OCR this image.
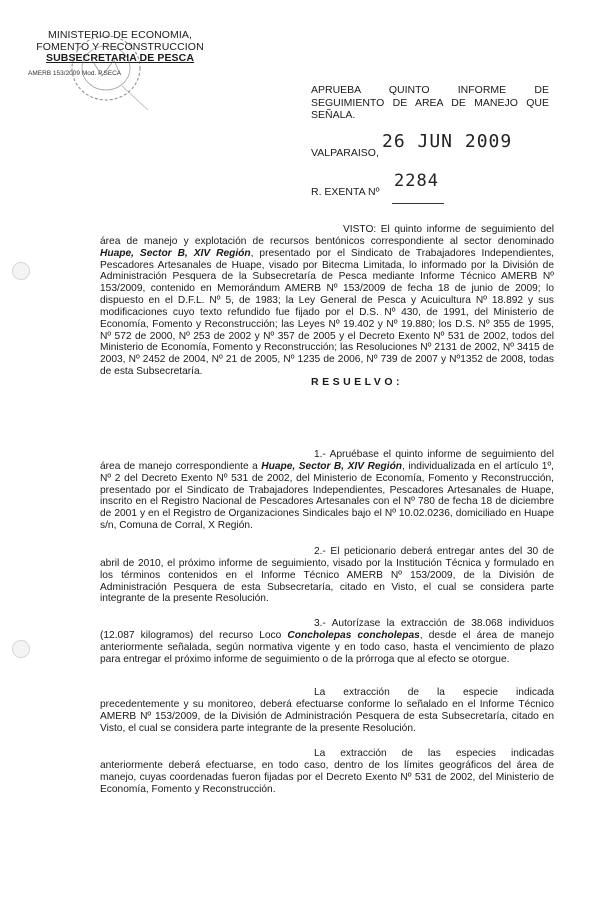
MINISTERIO DE ECONOMIA,
FOMENTO Y RECONSTRUCCION
SUBSECRETARIA DE PESCA
AMERB 153/2009 Mod. P.SECA
APRUEBA QUINTO INFORME DE SEGUIMIENTO DE AREA DE MANEJO QUE SEÑALA.
VALPARAISO,
26 JUN 2009
R. EXENTA Nº
2284
VISTO: El quinto informe de seguimiento del área de manejo y explotación de recursos bentónicos correspondiente al sector denominado Huape, Sector B, XIV Región, presentado por el Sindicato de Trabajadores Independientes, Pescadores Artesanales de Huape, visado por Bitecma Limitada, lo informado por la División de Administración Pesquera de la Subsecretaría de Pesca mediante Informe Técnico AMERB Nº 153/2009, contenido en Memorándum AMERB Nº 153/2009 de fecha 18 de junio de 2009; lo dispuesto en el D.F.L. Nº 5, de 1983; la Ley General de Pesca y Acuicultura Nº 18.892 y sus modificaciones cuyo texto refundido fue fijado por el D.S. Nº 430, de 1991, del Ministerio de Economía, Fomento y Reconstrucción; las Leyes Nº 19.402 y Nº 19.880; los D.S. Nº 355 de 1995, Nº 572 de 2000, Nº 253 de 2002 y Nº 357 de 2005 y el Decreto Exento Nº 531 de 2002, todos del Ministerio de Economía, Fomento y Reconstrucción; las Resoluciones Nº 2131 de 2002, Nº 3415 de 2003, Nº 2452 de 2004, Nº 21 de 2005, Nº 1235 de 2006, Nº 739 de 2007 y Nº1352 de 2008, todas de esta Subsecretaría.
RESUELVO:
1.- Apruébase el quinto informe de seguimiento del área de manejo correspondiente a Huape, Sector B, XIV Región, individualizada en el artículo 1º, Nº 2 del Decreto Exento Nº 531 de 2002, del Ministerio de Economía, Fomento y Reconstrucción, presentado por el Sindicato de Trabajadores Independientes, Pescadores Artesanales de Huape, inscrito en el Registro Nacional de Pescadores Artesanales con el Nº 780 de fecha 18 de diciembre de 2001 y en el Registro de Organizaciones Sindicales bajo el Nº 10.02.0236, domiciliado en Huape s/n, Comuna de Corral, X Región.
2.- El peticionario deberá entregar antes del 30 de abril de 2010, el próximo informe de seguimiento, visado por la Institución Técnica y formulado en los términos contenidos en el Informe Técnico AMERB Nº 153/2009, de la División de Administración Pesquera de esta Subsecretaría, citado en Visto, el cual se considera parte integrante de la presente Resolución.
3.- Autorízase la extracción de 38.068 individuos (12.087 kilogramos) del recurso Loco Concholepas concholepas, desde el área de manejo anteriormente señalada, según normativa vigente y en todo caso, hasta el vencimiento de plazo para entregar el próximo informe de seguimiento o de la prórroga que al efecto se otorgue.
La extracción de la especie indicada precedentemente y su monitoreo, deberá efectuarse conforme lo señalado en el Informe Técnico AMERB Nº 153/2009, de la División de Administración Pesquera de esta Subsecretaría, citado en Visto, el cual se considera parte integrante de la presente Resolución.
La extracción de las especies indicadas anteriormente deberá efectuarse, en todo caso, dentro de los límites geográficos del área de manejo, cuyas coordenadas fueron fijadas por el Decreto Exento Nº 531 de 2002, del Ministerio de Economía, Fomento y Reconstrucción.
